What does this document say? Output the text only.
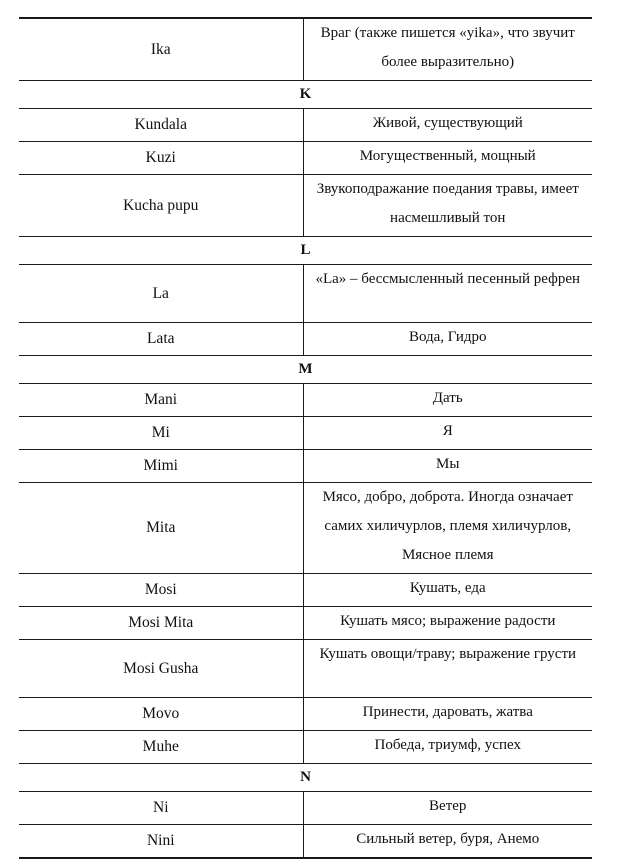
Ika	Враг (также пишется «yika», что звучит более выразительно)
K	
Kundala	Живой, существующий
Kuzi	Могущественный, мощный
Kucha pupu	Звукоподражание поедания травы, имеет насмешливый тон
L	
La	«La» – бессмысленный песенный рефрен
Lata	Вода, Гидро
M	
Mani	Дать
Mi	Я
Mimi	Мы
Mita	Мясо, добро, доброта. Иногда означает самих хиличурлов, племя хиличурлов, Мясное племя
Mosi	Кушать, еда
Mosi Mita	Кушать мясо; выражение радости
Mosi Gusha	Кушать овощи/траву; выражение грусти
Movo	Принести, даровать, жатва
Muhe	Победа, триумф, успех
N	
Ni	Ветер
Nini	Сильный ветер, буря, Анемо
